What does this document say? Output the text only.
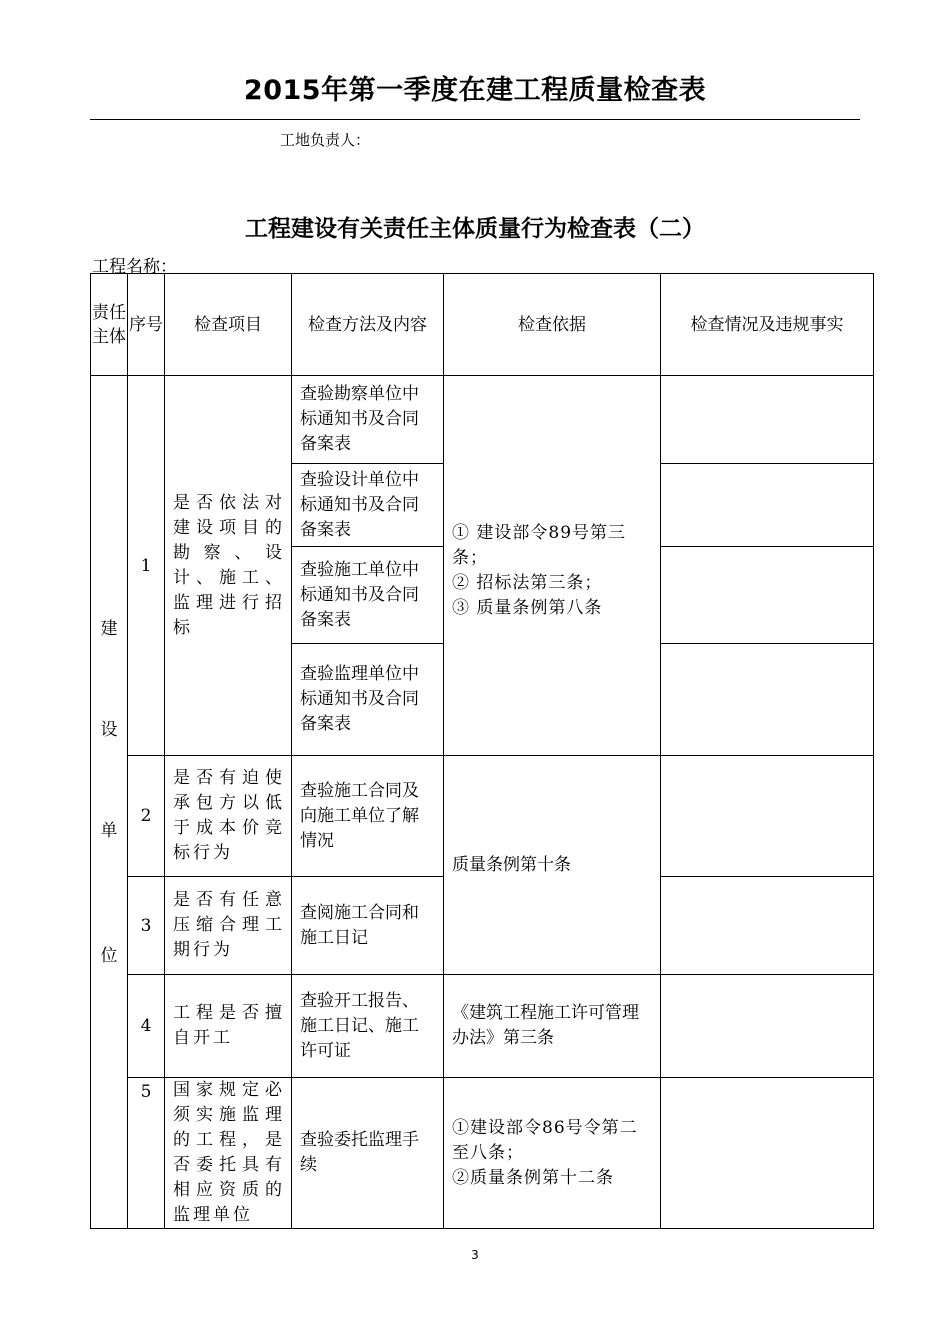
2015年第一季度在建工程质量检查表
工地负责人：
工程建设有关责任主体质量行为检查表（二）
工程名称：
责任主体	序号	检查项目	检查方法及内容	检查依据	检查情况及违规事实

建
设
单
位	1	是否依法对建设项目的勘察、设计、施工、监理进行招标	查验勘察单位中标通知书及合同备案表	① 建设部令89号第三条；
② 招标法第三条；
③ 质量条例第八条	

			查验设计单位中标通知书及合同备案表		
			查验施工单位中标通知书及合同备案表		
			查验监理单位中标通知书及合同备案表		
	2	是否有迫使承包方以低于成本价竞标行为	查验施工合同及向施工单位了解情况	质量条例第十条	
	3	是否有任意压缩合理工期行为	查阅施工合同和施工日记		
	4	工程是否擅自开工	查验开工报告、施工日记、施工许可证	《建筑工程施工许可管理办法》第三条	
	5	国家规定必须实施监理的工程，是否委托具有相应资质的监理单位	查验委托监理手续	①建设部令86号令第二至八条；
②质量条例第十二条	

3
